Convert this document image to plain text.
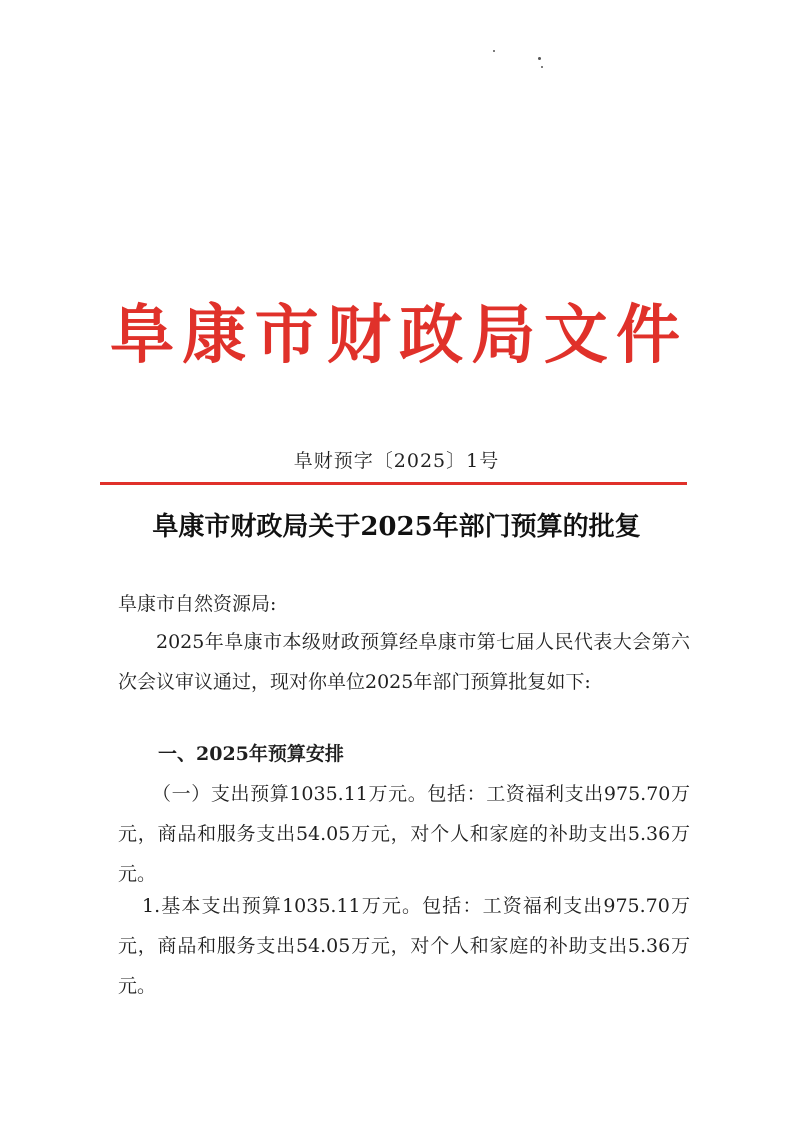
阜 康 市 财 政 局 文 件
阜财预字〔2025〕1号
阜康市财政局关于2025年部门预算的批复
阜康市自然资源局:
2025年阜康市本级财政预算经阜康市第七届人民代表大会第六次会议审议通过，现对你单位2025年部门预算批复如下:
一、2025年预算安排
（一）支出预算1035.11万元。包括：工资福利支出975.70万元，商品和服务支出54.05万元，对个人和家庭的补助支出5.36万元。
1.基本支出预算1035.11万元。包括：工资福利支出975.70万元，商品和服务支出54.05万元，对个人和家庭的补助支出5.36万元。
